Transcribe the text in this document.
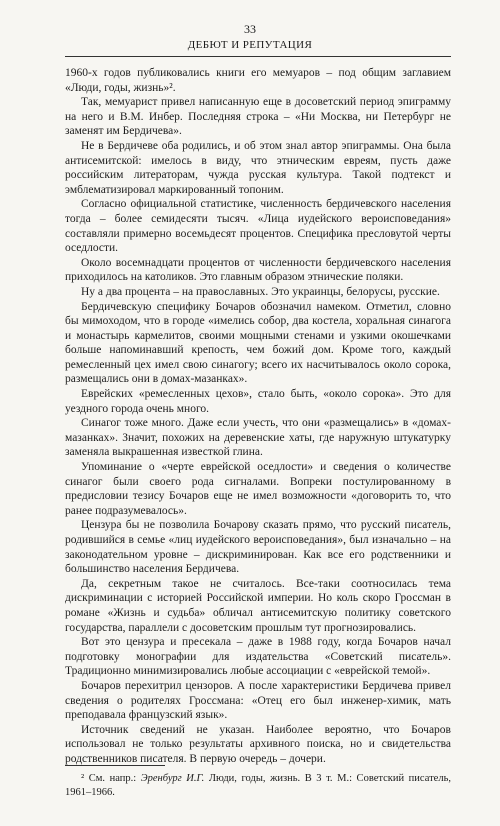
33
ДЕБЮТ И РЕПУТАЦИЯ

1960-х годов публиковались книги его мемуаров – под общим заглавием «Люди, годы, жизнь»².

Так, мемуарист привел написанную еще в досоветский период эпиграмму на него и В.М. Инбер. Последняя строка – «Ни Москва, ни Петербург не заменят им Бердичева».

Не в Бердичеве оба родились, и об этом знал автор эпиграммы. Она была антисемитской: имелось в виду, что этническим евреям, пусть даже российским литераторам, чужда русская культура. Такой подтекст и эмблематизировал маркированный топоним.

Согласно официальной статистике, численность бердичевского населения тогда – более семидесяти тысяч. «Лица иудейского вероисповедания» составляли примерно восемьдесят процентов. Специфика пресловутой черты оседлости.

Около восемнадцати процентов от численности бердичевского населения приходилось на католиков. Это главным образом этнические поляки.

Ну а два процента – на православных. Это украинцы, белорусы, русские.

Бердичевскую специфику Бочаров обозначил намеком. Отметил, словно бы мимоходом, что в городе «имелись собор, два костела, хоральная синагога и монастырь кармелитов, своими мощными стенами и узкими окошечками больше напоминавший крепость, чем божий дом. Кроме того, каждый ремесленный цех имел свою синагогу; всего их насчитывалось около сорока, размещались они в домах-мазанках».

Еврейских «ремесленных цехов», стало быть, «около сорока». Это для уездного города очень много.

Синагог тоже много. Даже если учесть, что они «размещались» в «домах-мазанках». Значит, похожих на деревенские хаты, где наружную штукатурку заменяла выкрашенная известкой глина.

Упоминание о «черте еврейской оседлости» и сведения о количестве синагог были своего рода сигналами. Вопреки постулированному в предисловии тезису Бочаров еще не имел возможности «договорить то, что ранее подразумевалось».

Цензура бы не позволила Бочарову сказать прямо, что русский писатель, родившийся в семье «лиц иудейского вероисповедания», был изначально – на законодательном уровне – дискриминирован. Как все его родственники и большинство населения Бердичева.

Да, секретным такое не считалось. Все-таки соотносилась тема дискриминации с историей Российской империи. Но коль скоро Гроссман в романе «Жизнь и судьба» обличал антисемитскую политику советского государства, параллели с досоветским прошлым тут прогнозировались.

Вот это цензура и пресекала – даже в 1988 году, когда Бочаров начал подготовку монографии для издательства «Советский писатель». Традиционно минимизировались любые ассоциации с «еврейской темой».

Бочаров перехитрил цензоров. А после характеристики Бердичева привел сведения о родителях Гроссмана: «Отец его был инженер-химик, мать преподавала французский язык».

Источник сведений не указан. Наиболее вероятно, что Бочаров использовал не только результаты архивного поиска, но и свидетельства родственников писателя. В первую очередь – дочери.

² См. напр.: Эренбург И.Г. Люди, годы, жизнь. В 3 т. М.: Советский писатель, 1961–1966.
